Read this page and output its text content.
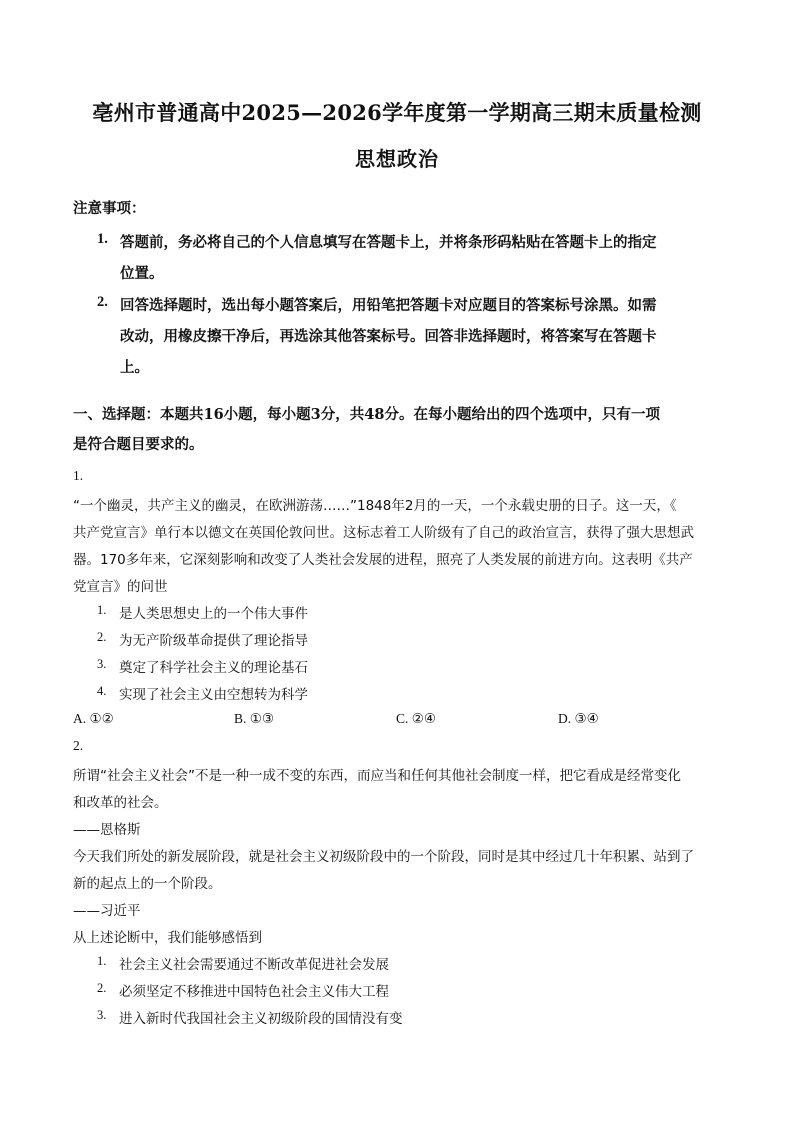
亳州市普通高中2025—2026学年度第一学期高三期末质量检测
思想政治
注意事项：
1. 答题前，务必将自己的个人信息填写在答题卡上，并将条形码粘贴在答题卡上的指定
位置。
2. 回答选择题时，选出每小题答案后，用铅笔把答题卡对应题目的答案标号涂黑。如需
改动，用橡皮擦干净后，再选涂其他答案标号。回答非选择题时，将答案写在答题卡
上。
一、选择题：本题共16小题，每小题3分，共48分。在每小题给出的四个选项中，只有一项
是符合题目要求的。
1.
“一个幽灵，共产主义的幽灵，在欧洲游荡……”1848年2月的一天，一个永载史册的日子。这一天，《
共产党宣言》单行本以德文在英国伦敦问世。这标志着工人阶级有了自己的政治宣言，获得了强大思想武
器。170多年来，它深刻影响和改变了人类社会发展的进程，照亮了人类发展的前进方向。这表明《共产
党宣言》的问世
1. 是人类思想史上的一个伟大事件
2. 为无产阶级革命提供了理论指导
3. 奠定了科学社会主义的理论基石
4. 实现了社会主义由空想转为科学
A. ①②	B. ①③	C. ②④	D. ③④
2.
所谓“社会主义社会”不是一种一成不变的东西，而应当和任何其他社会制度一样，把它看成是经常变化
和改革的社会。
——恩格斯
今天我们所处的新发展阶段，就是社会主义初级阶段中的一个阶段，同时是其中经过几十年积累、站到了
新的起点上的一个阶段。
——习近平
从上述论断中，我们能够感悟到
1. 社会主义社会需要通过不断改革促进社会发展
2. 必须坚定不移推进中国特色社会主义伟大工程
3. 进入新时代我国社会主义初级阶段的国情没有变
